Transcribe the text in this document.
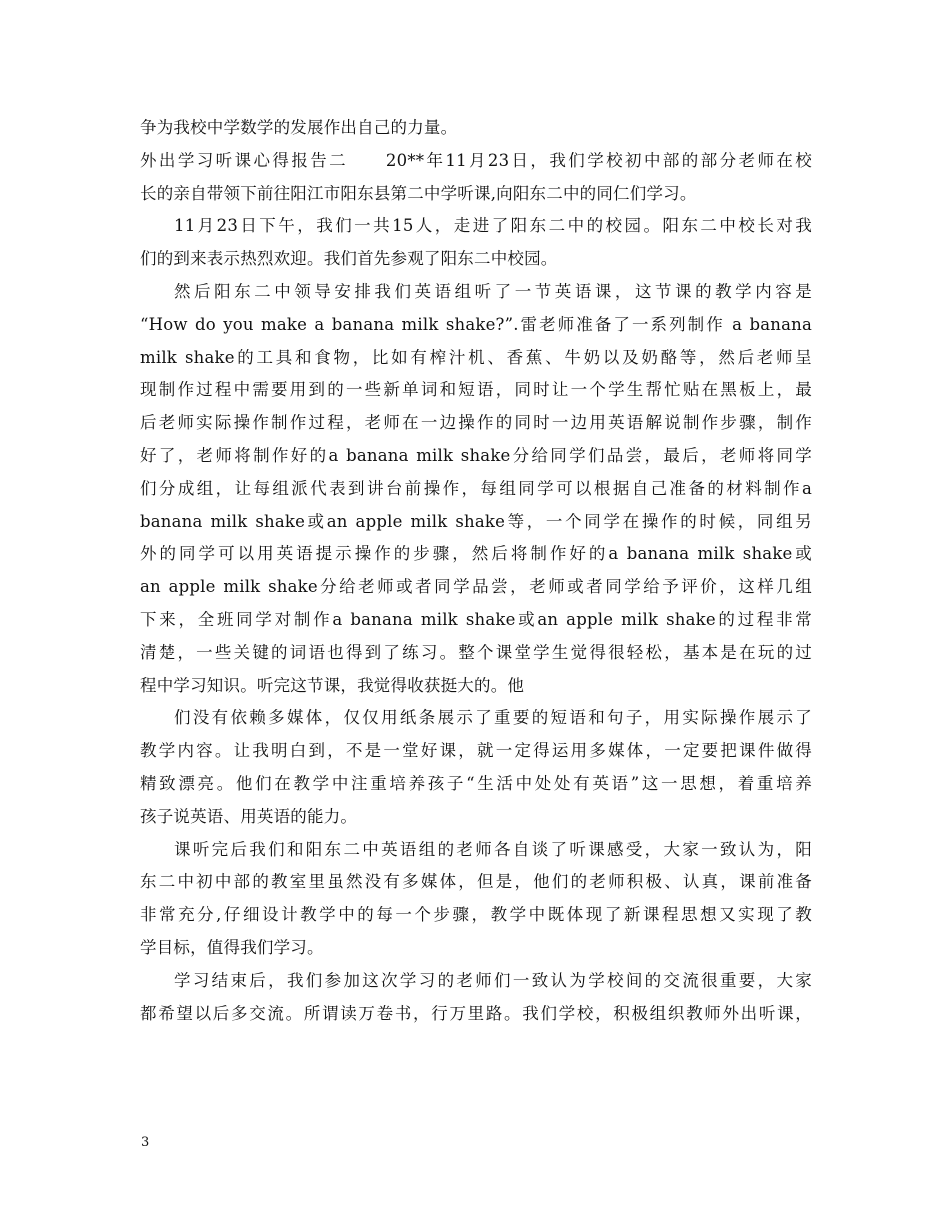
争为我校中学数学的发展作出自己的力量。
外出学习听课心得报告二　　20**年11月23日，我们学校初中部的部分老师在校
长的亲自带领下前往阳江市阳东县第二中学听课,向阳东二中的同仁们学习。
11月23日下午，我们一共15人，走进了阳东二中的校园。阳东二中校长对我
们的到来表示热烈欢迎。我们首先参观了阳东二中校园。
然后阳东二中领导安排我们英语组听了一节英语课，这节课的教学内容是
“How do you make a banana milk shake?”.雷老师准备了一系列制作 a banana
milk shake的工具和食物，比如有榨汁机、香蕉、牛奶以及奶酪等，然后老师呈
现制作过程中需要用到的一些新单词和短语，同时让一个学生帮忙贴在黑板上，最
后老师实际操作制作过程，老师在一边操作的同时一边用英语解说制作步骤，制作
好了，老师将制作好的a banana milk shake分给同学们品尝，最后，老师将同学
们分成组，让每组派代表到讲台前操作，每组同学可以根据自己准备的材料制作a
banana milk shake或an apple milk shake等，一个同学在操作的时候，同组另
外的同学可以用英语提示操作的步骤，然后将制作好的a banana milk shake或
an apple milk shake分给老师或者同学品尝，老师或者同学给予评价，这样几组
下来，全班同学对制作a banana milk shake或an apple milk shake的过程非常
清楚，一些关键的词语也得到了练习。整个课堂学生觉得很轻松，基本是在玩的过
程中学习知识。听完这节课，我觉得收获挺大的。他
们没有依赖多媒体，仅仅用纸条展示了重要的短语和句子，用实际操作展示了
教学内容。让我明白到，不是一堂好课，就一定得运用多媒体，一定要把课件做得
精致漂亮。他们在教学中注重培养孩子“生活中处处有英语”这一思想，着重培养
孩子说英语、用英语的能力。
课听完后我们和阳东二中英语组的老师各自谈了听课感受，大家一致认为，阳
东二中初中部的教室里虽然没有多媒体，但是，他们的老师积极、认真，课前准备
非常充分,仔细设计教学中的每一个步骤，教学中既体现了新课程思想又实现了教
学目标，值得我们学习。
学习结束后，我们参加这次学习的老师们一致认为学校间的交流很重要，大家
都希望以后多交流。所谓读万卷书，行万里路。我们学校，积极组织教师外出听课，
3
